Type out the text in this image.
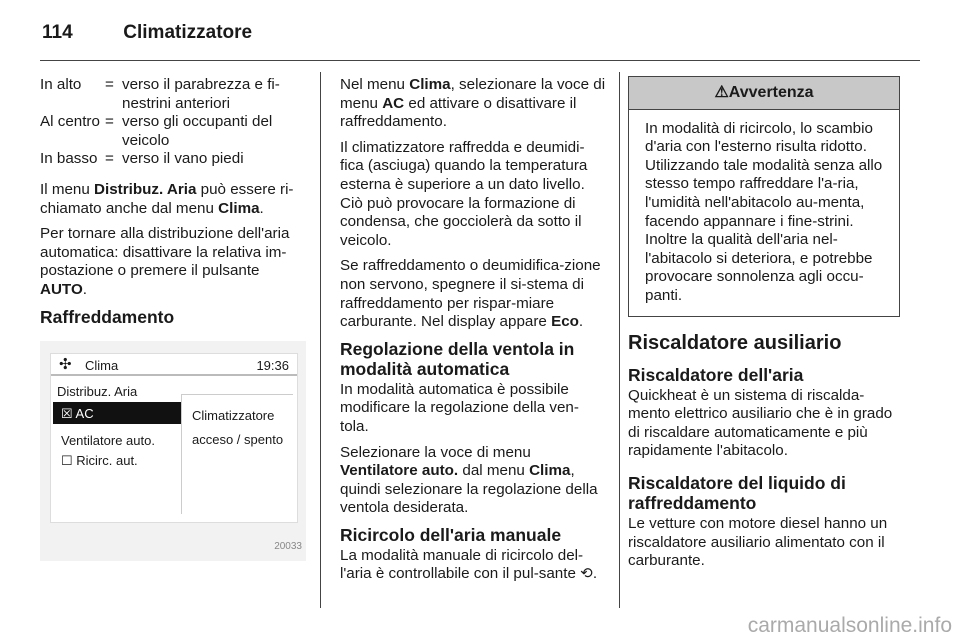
114	Climatizzatore
In alto	= verso il parabrezza e fi-nestrini anteriori
Al centro = verso gli occupanti del veicolo
In basso = verso il vano piedi

Il menu Distribuz. Aria può essere ri-chiamato anche dal menu Clima.

Per tornare alla distribuzione dell'aria automatica: disattivare la relativa im-postazione o premere il pulsante AUTO.

Raffreddamento
✣ Clima	19:36
Distribuz. Aria
☒ AC
Ventilatore auto.
☐ Ricirc. aut.
Climatizzatore
acceso / spento
20033

Nel menu Clima, selezionare la voce di menu AC ed attivare o disattivare il raffreddamento.

Il climatizzatore raffredda e deumidi-fica (asciuga) quando la temperatura esterna è superiore a un dato livello. Ciò può provocare la formazione di condensa, che gocciolerà da sotto il veicolo.

Se raffreddamento o deumidifica-zione non servono, spegnere il si-stema di raffreddamento per rispar-miare carburante. Nel display appare Eco.

Regolazione della ventola in modalità automatica

In modalità automatica è possibile modificare la regolazione della ven-tola.

Selezionare la voce di menu Ventilatore auto. dal menu Clima, quindi selezionare la regolazione della ventola desiderata.

Ricircolo dell'aria manuale

La modalità manuale di ricircolo del-l'aria è controllabile con il pul-sante ⟲.

⚠Avvertenza
In modalità di ricircolo, lo scambio d'aria con l'esterno risulta ridotto. Utilizzando tale modalità senza allo stesso tempo raffreddare l'a-ria, l'umidità nell'abitacolo au-menta, facendo appannare i fine-strini. Inoltre la qualità dell'aria nel-l'abitacolo si deteriora, e potrebbe provocare sonnolenza agli occu-panti.
Riscaldatore ausiliario
Riscaldatore dell'aria

Quickheat è un sistema di riscalda-mento elettrico ausiliario che è in grado di riscaldare automaticamente e più rapidamente l'abitacolo.

Riscaldatore del liquido di raffreddamento

Le vetture con motore diesel hanno un riscaldatore ausiliario alimentato con il carburante.

carmanualsonline.info
